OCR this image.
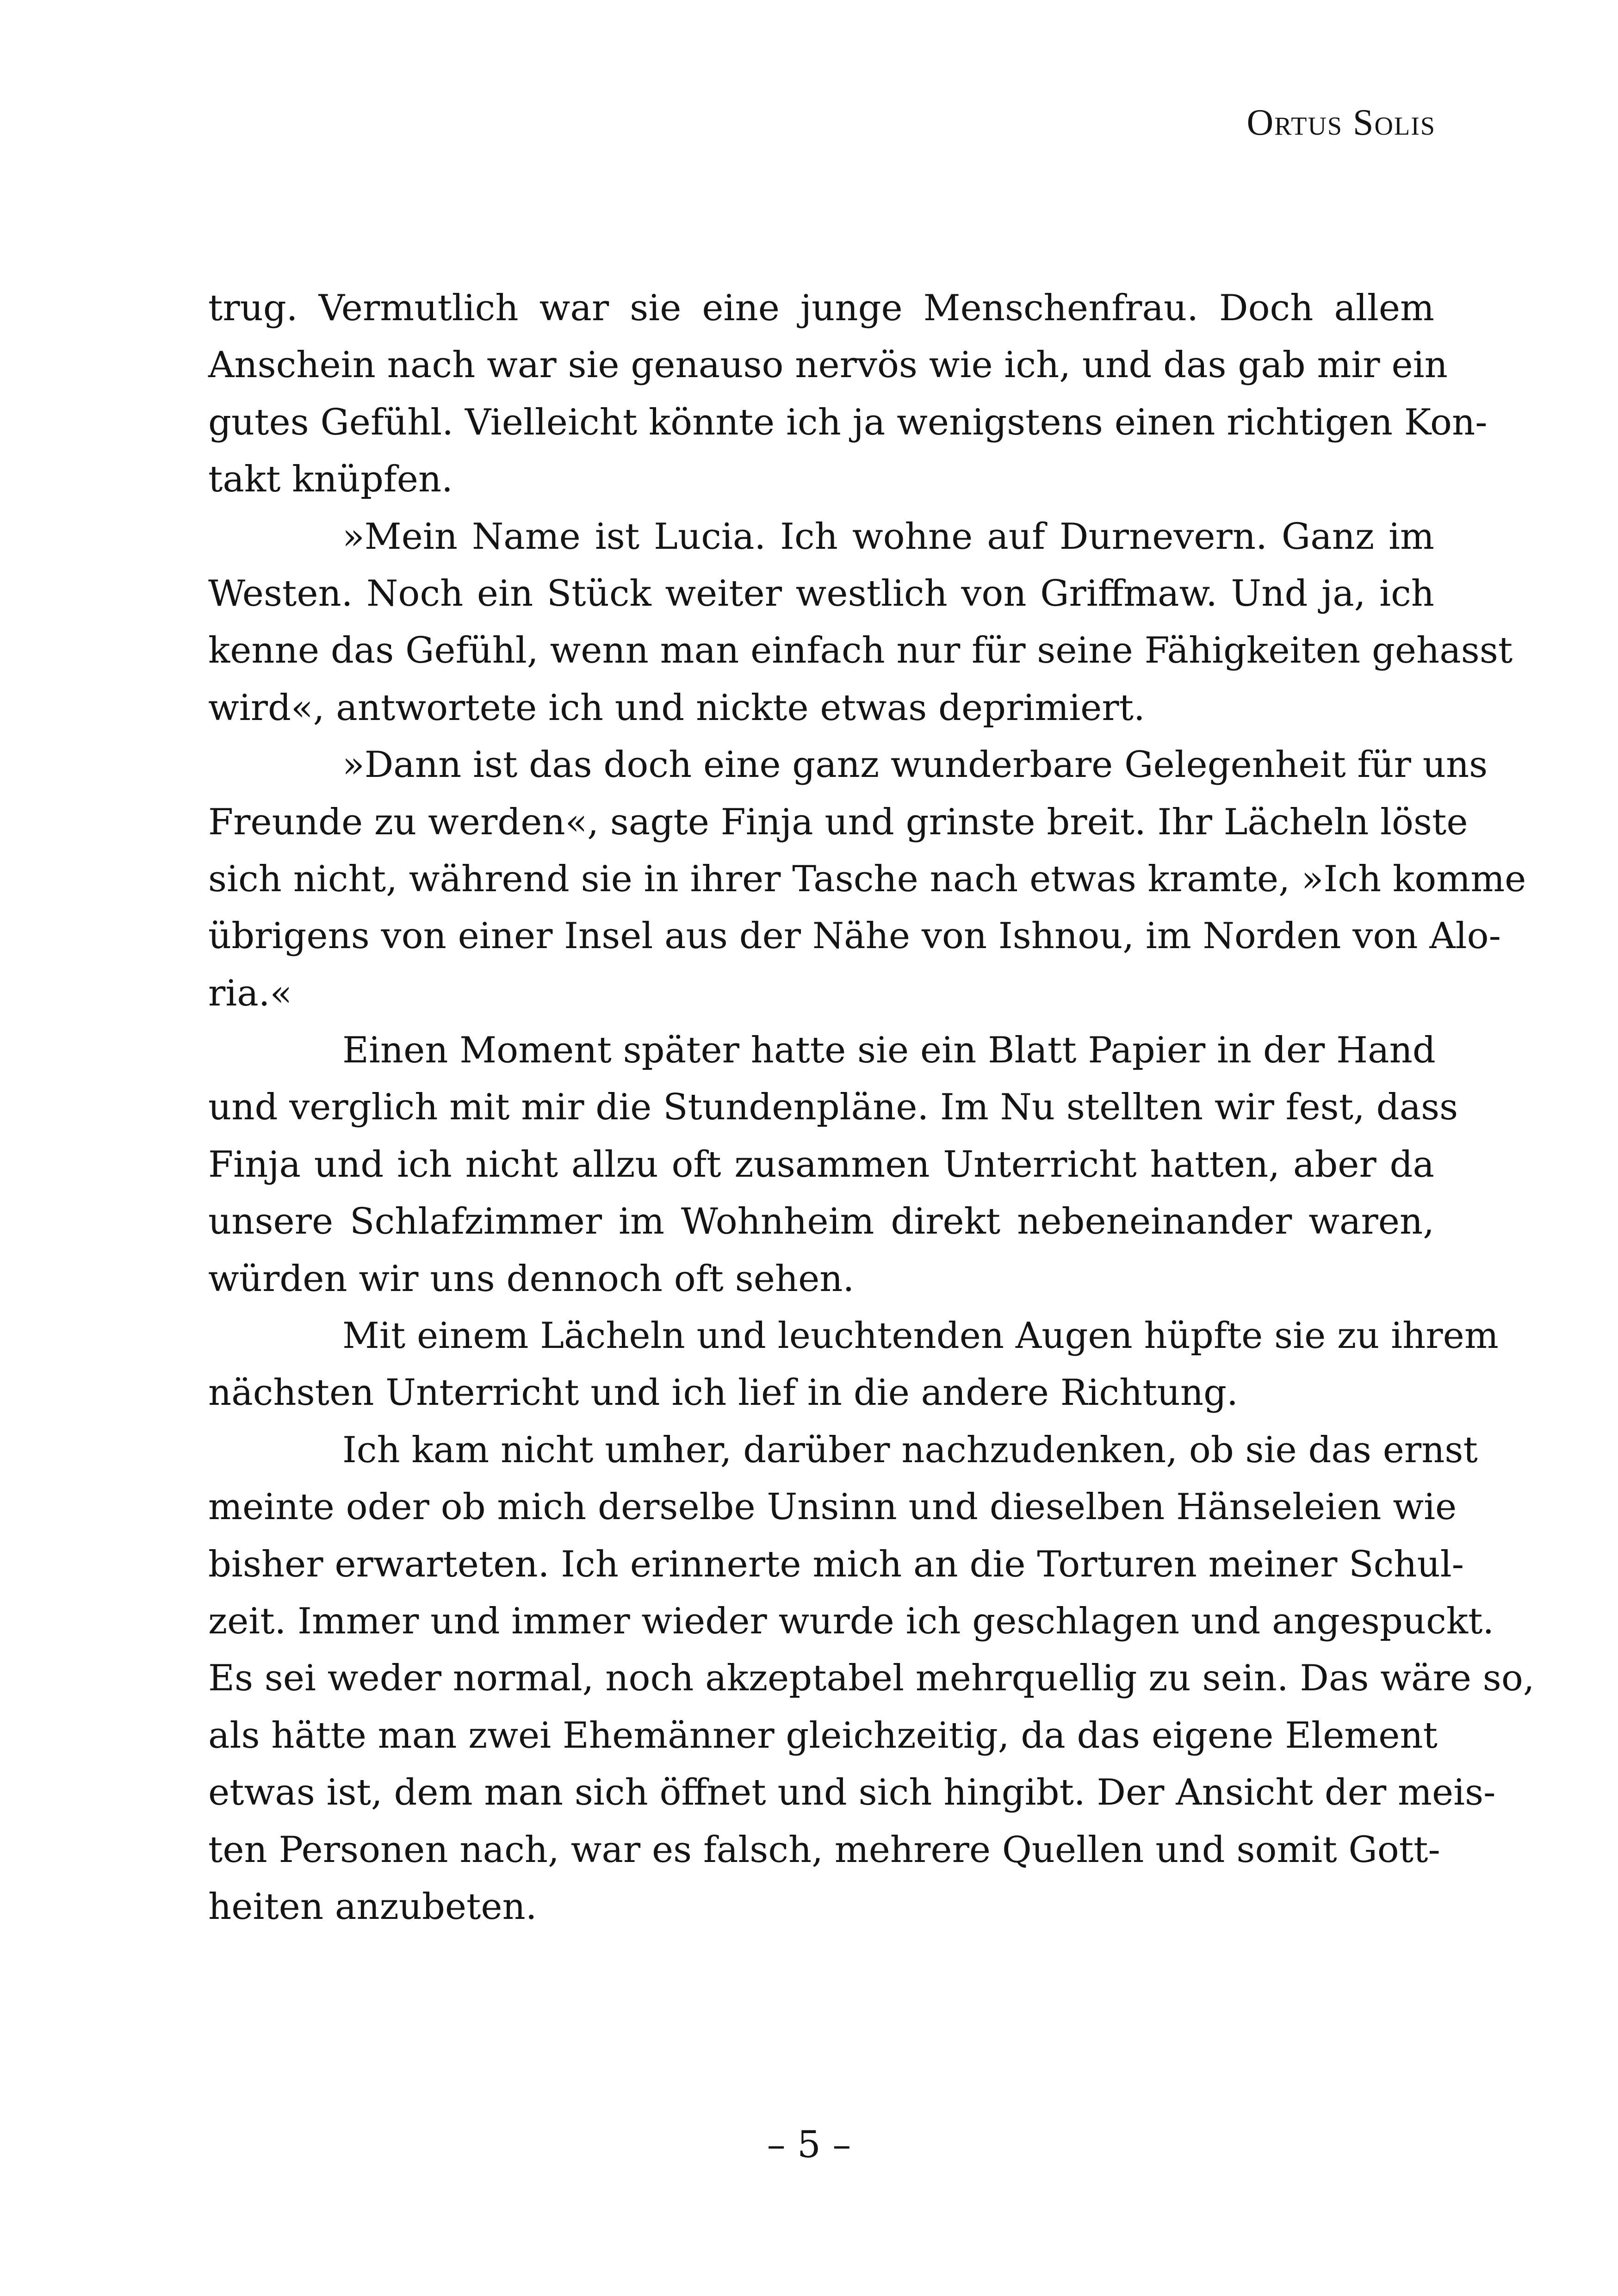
Ortus Solis
trug. Vermutlich war sie eine junge Menschenfrau. Doch allem
Anschein nach war sie genauso nervös wie ich, und das gab mir ein
gutes Gefühl. Vielleicht könnte ich ja wenigstens einen richtigen Kon-
takt knüpfen.
»Mein Name ist Lucia. Ich wohne auf Durnevern. Ganz im
Westen. Noch ein Stück weiter westlich von Griffmaw. Und ja, ich
kenne das Gefühl, wenn man einfach nur für seine Fähigkeiten gehasst
wird«, antwortete ich und nickte etwas deprimiert.
»Dann ist das doch eine ganz wunderbare Gelegenheit für uns
Freunde zu werden«, sagte Finja und grinste breit. Ihr Lächeln löste
sich nicht, während sie in ihrer Tasche nach etwas kramte, »Ich komme
übrigens von einer Insel aus der Nähe von Ishnou, im Norden von Alo-
ria.«
Einen Moment später hatte sie ein Blatt Papier in der Hand
und verglich mit mir die Stundenpläne. Im Nu stellten wir fest, dass
Finja und ich nicht allzu oft zusammen Unterricht hatten, aber da
unsere Schlafzimmer im Wohnheim direkt nebeneinander waren,
würden wir uns dennoch oft sehen.
Mit einem Lächeln und leuchtenden Augen hüpfte sie zu ihrem
nächsten Unterricht und ich lief in die andere Richtung.
Ich kam nicht umher, darüber nachzudenken, ob sie das ernst
meinte oder ob mich derselbe Unsinn und dieselben Hänseleien wie
bisher erwarteten. Ich erinnerte mich an die Torturen meiner Schul-
zeit. Immer und immer wieder wurde ich geschlagen und angespuckt.
Es sei weder normal, noch akzeptabel mehrquellig zu sein. Das wäre so,
als hätte man zwei Ehemänner gleichzeitig, da das eigene Element
etwas ist, dem man sich öffnet und sich hingibt. Der Ansicht der meis-
ten Personen nach, war es falsch, mehrere Quellen und somit Gott-
heiten anzubeten.
– 5 –
